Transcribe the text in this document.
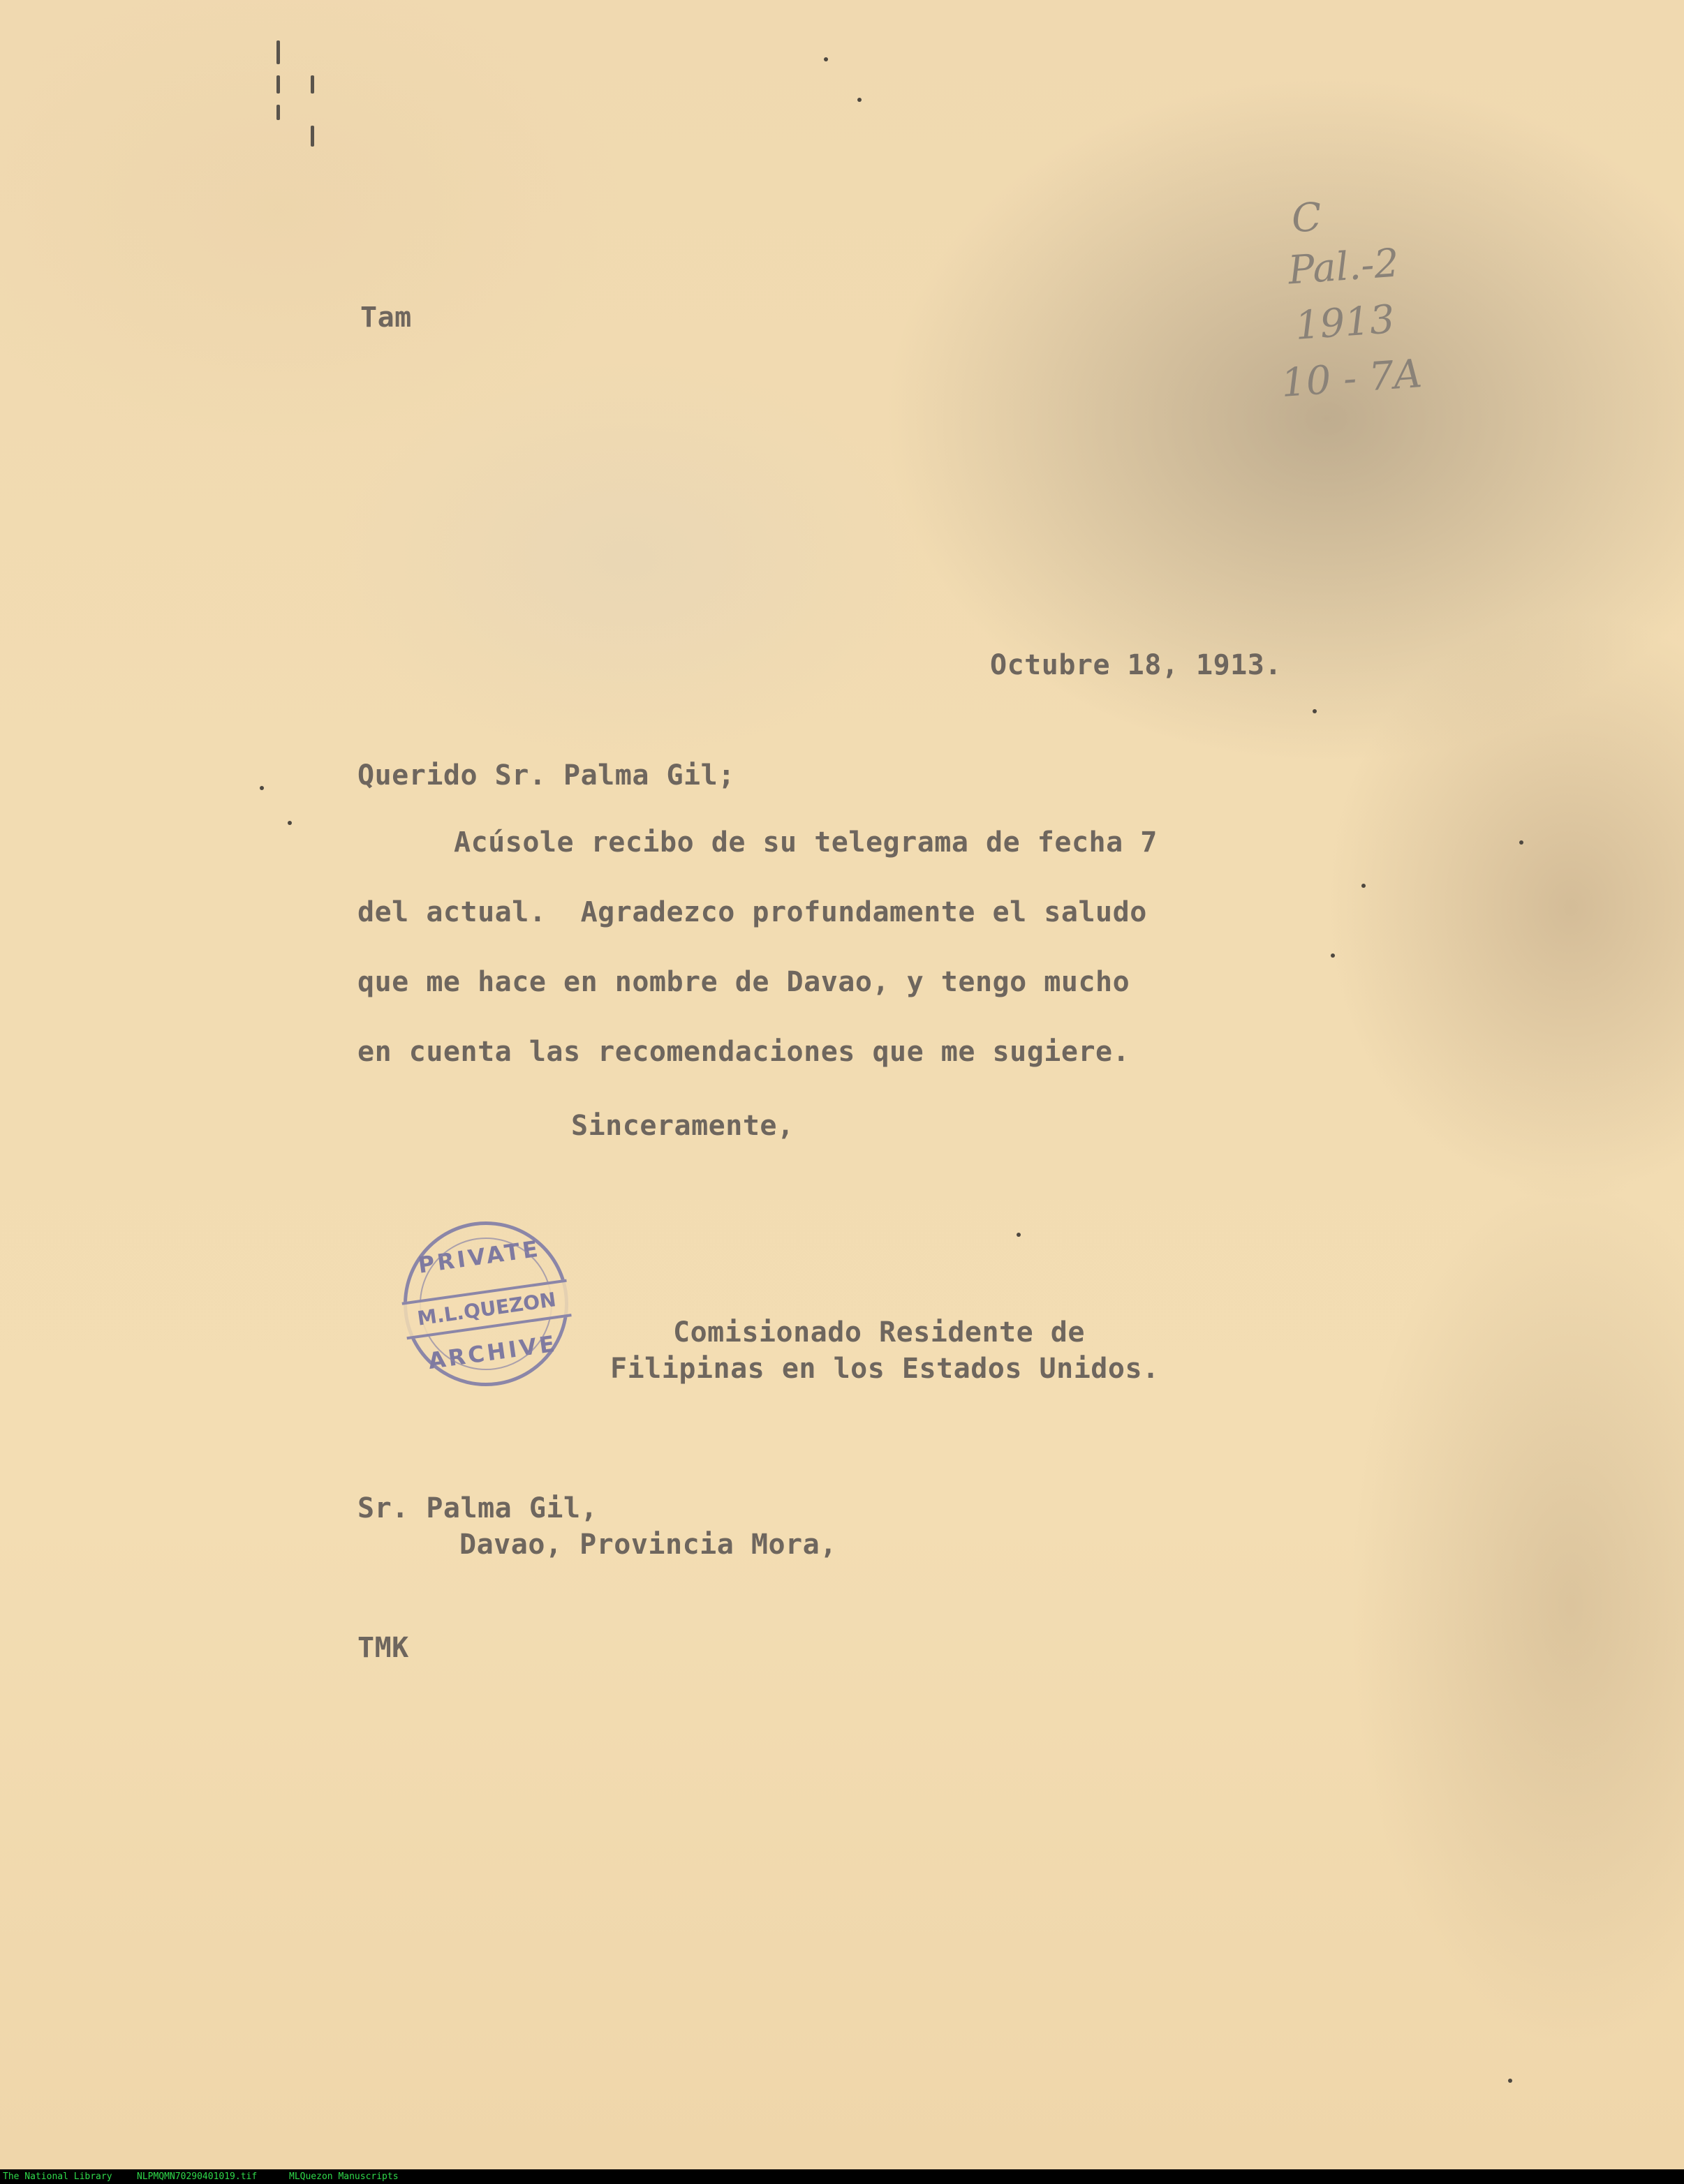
C
Pal.-2
1913
10 - 7A

Tam

Octubre 18, 1913.

Querido Sr. Palma Gil;

Acúsole recibo de su telegrama de fecha 7

del actual.  Agradezco profundamente el saludo

que me hace en nombre de Davao, y tengo mucho

en cuenta las recomendaciones que me sugiere.

Sinceramente,

PRIVATE
M.L.QUEZON
ARCHIVE	Comisionado Residente de

Filipinas en los Estados Unidos.

Sr. Palma Gil,

Davao, Provincia Mora,

TMK

The National Library	NLPMQMN70290401019.tif	MLQuezon Manuscripts
